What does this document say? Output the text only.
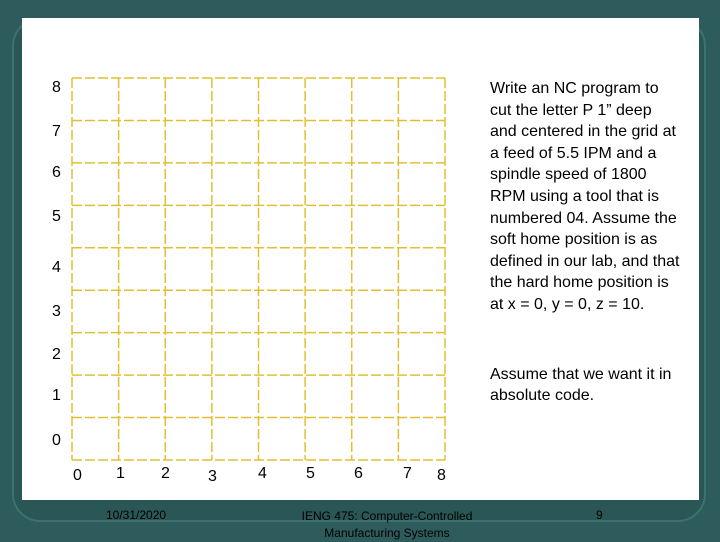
8
7
6
5
4
3
2
1
0
0 1 2 3	4 5 6	7 8
Write an NC program to cut the letter P 1” deep and centered in the grid at a feed of 5.5 IPM and a spindle speed of 1800 RPM using a tool that is numbered 04. Assume the soft home position is as defined in our lab, and that the hard home position is at x = 0, y = 0, z = 10.
Assume that we want it in absolute code.
10/31/2020	IENG 475: Computer-Controlled Manufacturing Systems
9
